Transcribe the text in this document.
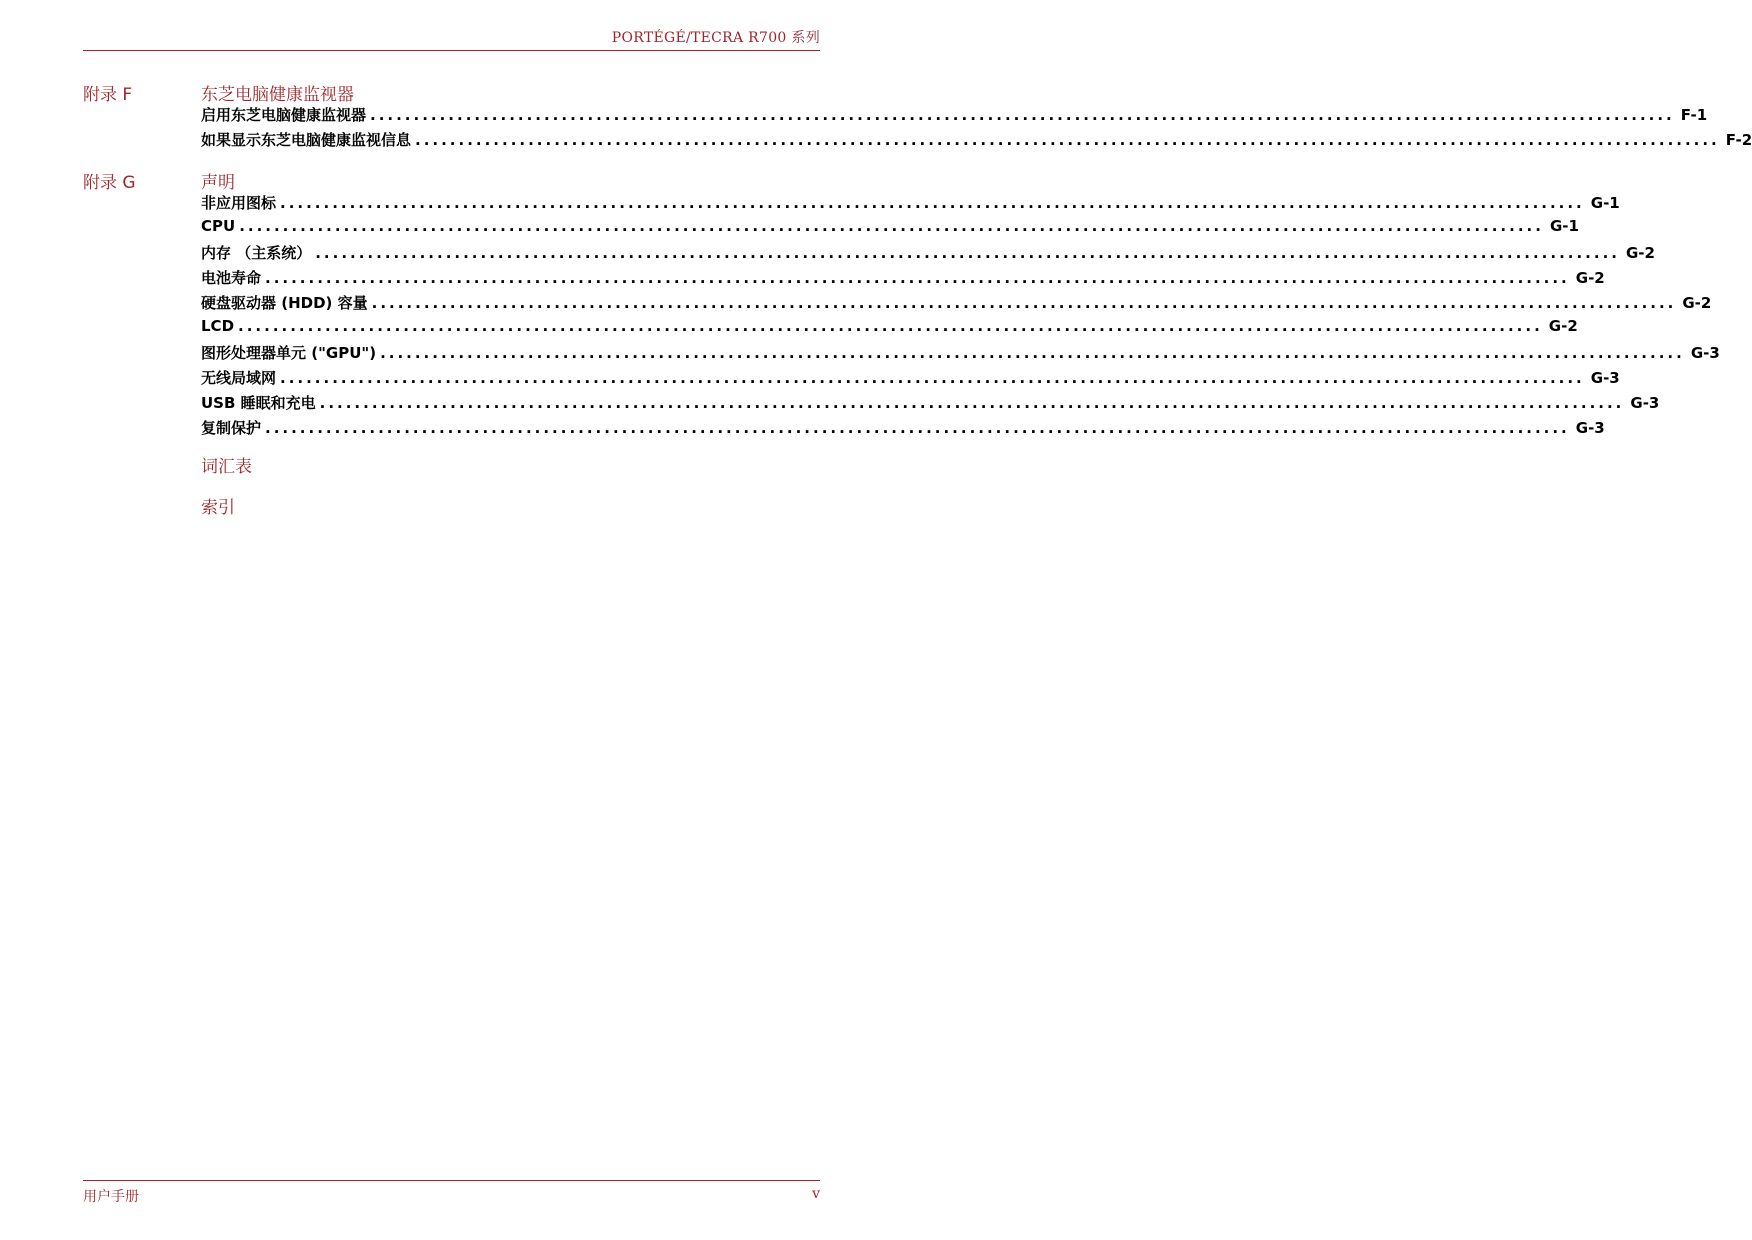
PORTÉGÉ/TECRA R700 系列
附录 F	东芝电脑健康监视器
启用东芝电脑健康监视器 ...................................................................................................................................................... F-1
如果显示东芝电脑健康监视信息 ...................................................................................................................................................... F-2
附录 G	声明
非应用图标 ...................................................................................................................................................... G-1
CPU ...................................................................................................................................................... G-1
内存 （主系统） ...................................................................................................................................................... G-2
电池寿命 ...................................................................................................................................................... G-2
硬盘驱动器 (HDD) 容量 ...................................................................................................................................................... G-2
LCD ...................................................................................................................................................... G-2
图形处理器单元 ("GPU") ...................................................................................................................................................... G-3
无线局域网 ...................................................................................................................................................... G-3
USB 睡眠和充电 ...................................................................................................................................................... G-3
复制保护 ...................................................................................................................................................... G-3
词汇表
索引
用户手册	v
